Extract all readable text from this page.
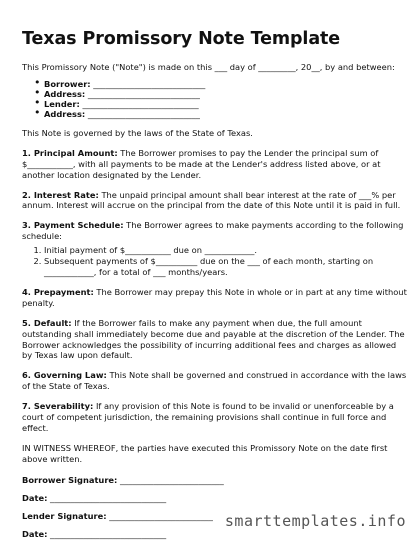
Texas Promissory Note Template

This Promissory Note ("Note") is made on this ___ day of _________, 20__, by and between:

• Borrower: ___________________________
• Address: ___________________________
• Lender: ____________________________
• Address: ___________________________

This Note is governed by the laws of the State of Texas.

1. Principal Amount: The Borrower promises to pay the Lender the principal sum of $___________, with all payments to be made at the Lender's address listed above, or at another location designated by the Lender.

2. Interest Rate: The unpaid principal amount shall bear interest at the rate of ___% per annum. Interest will accrue on the principal from the date of this Note until it is paid in full.

3. Payment Schedule: The Borrower agrees to make payments according to the following schedule:

1. Initial payment of $___________ due on ____________.
2. Subsequent payments of $__________ due on the ___ of each month, starting on ____________, for a total of ___ months/years.

4. Prepayment: The Borrower may prepay this Note in whole or in part at any time without penalty.

5. Default: If the Borrower fails to make any payment when due, the full amount outstanding shall immediately become due and payable at the discretion of the Lender. The Borrower acknowledges the possibility of incurring additional fees and charges as allowed by Texas law upon default.

6. Governing Law: This Note shall be governed and construed in accordance with the laws of the State of Texas.

7. Severability: If any provision of this Note is found to be invalid or unenforceable by a court of competent jurisdiction, the remaining provisions shall continue in full force and effect.

IN WITNESS WHEREOF, the parties have executed this Promissory Note on the date first above written.

Borrower Signature: _________________________
Date: ____________________________
Lender Signature: _________________________
Date: ____________________________
smarttemplates.info
